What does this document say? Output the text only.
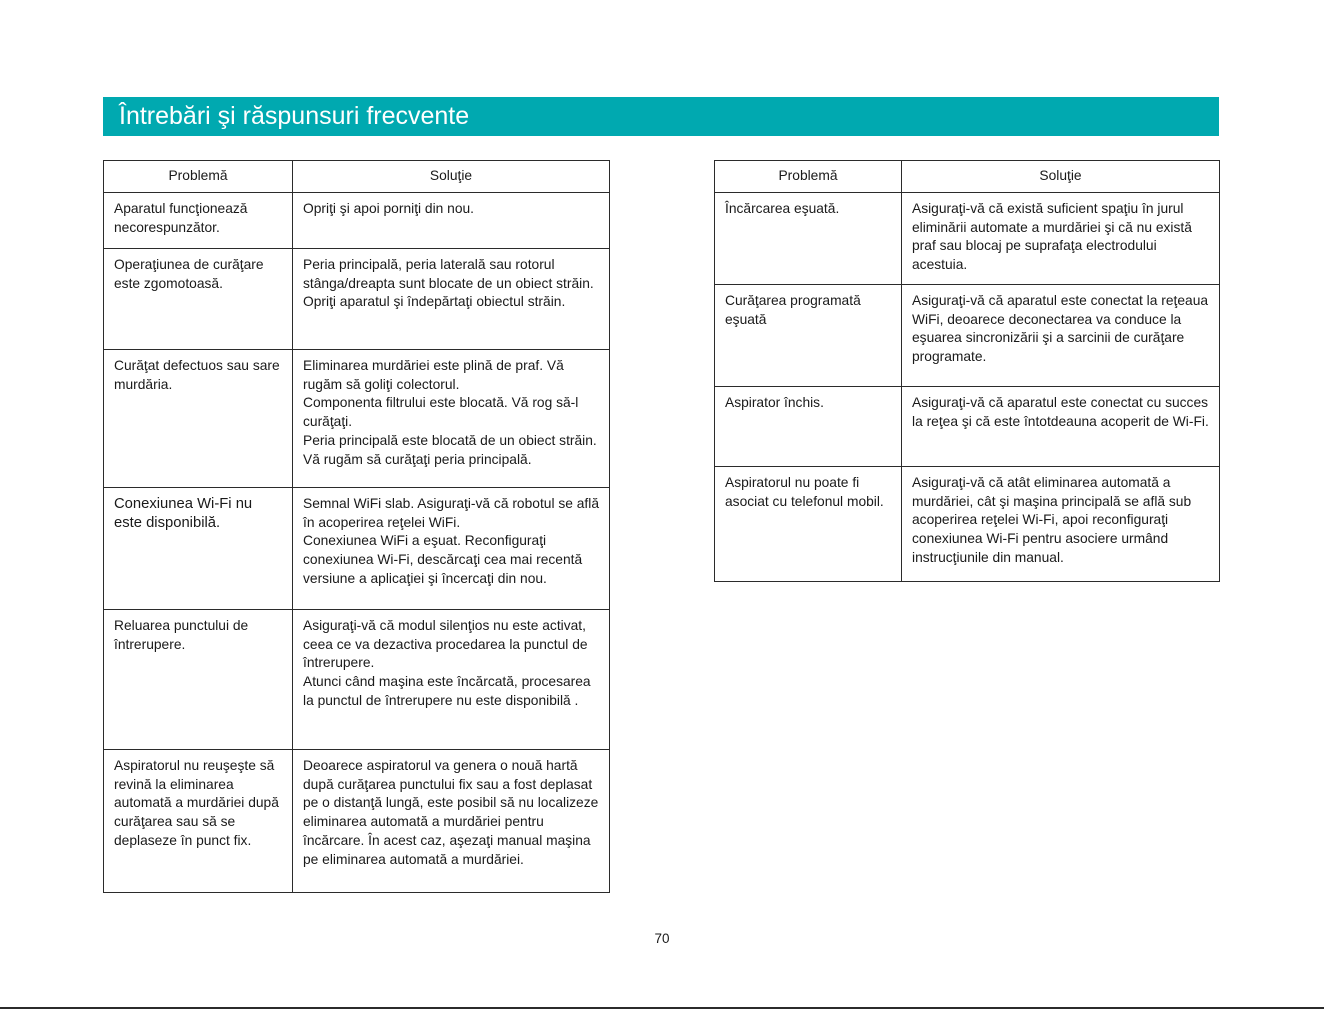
Întrebări şi răspunsuri frecvente
Problemă	Soluţie
Aparatul funcţionează necorespunzător.	Opriţi şi apoi porniţi din nou.

Operaţiunea de curăţare este zgomotoasă.	Peria principală, peria laterală sau rotorul stânga/dreapta sunt blocate de un obiect străin. Opriţi aparatul şi îndepărtaţi obiectul străin.

Curăţat defectuos sau sare murdăria.	Eliminarea murdăriei este plină de praf. Vă rugăm să goliţi colectorul.
Componenta filtrului este blocată. Vă rog să-l curăţaţi.
Peria principală este blocată de un obiect străin. Vă rugăm să curăţaţi peria principală.

Conexiunea Wi-Fi nu este disponibilă.	Semnal WiFi slab. Asiguraţi-vă că robotul se află în acoperirea reţelei WiFi.
Conexiunea WiFi a eşuat. Reconfiguraţi conexiunea Wi-Fi, descărcaţi cea mai recentă versiune a aplicaţiei şi încercaţi din nou.

Reluarea punctului de întrerupere.	Asiguraţi-vă că modul silenţios nu este activat, ceea ce va dezactiva procedarea la punctul de întrerupere.
Atunci când maşina este încărcată, procesarea la punctul de întrerupere nu este disponibilă .

Aspiratorul nu reuşeşte să revină la eliminarea automată a murdăriei după curăţarea sau să se deplaseze în punct fix.	Deoarece aspiratorul va genera o nouă hartă după curăţarea punctului fix sau a fost deplasat pe o distanţă lungă, este posibil să nu localizeze eliminarea automată a murdăriei pentru încărcare. În acest caz, aşezaţi manual maşina pe eliminarea automată a murdăriei.
Problemă	Soluţie
Încărcarea eşuată.	Asiguraţi-vă că există suficient spaţiu în jurul eliminării automate a murdăriei şi că nu există praf sau blocaj pe suprafaţa electrodului acestuia.

Curăţarea programată eşuată	Asiguraţi-vă că aparatul este conectat la reţeaua WiFi, deoarece deconectarea va conduce la eşuarea sincronizării şi a sarcinii de curăţare programate.

Aspirator închis.	Asiguraţi-vă că aparatul este conectat cu succes la reţea şi că este întotdeauna acoperit de Wi-Fi.

Aspiratorul nu poate fi asociat cu telefonul mobil.	Asiguraţi-vă că atât eliminarea automată a murdăriei, cât şi maşina principală se află sub acoperirea reţelei Wi-Fi, apoi reconfiguraţi conexiunea Wi-Fi pentru asociere urmând instrucţiunile din manual.
70
